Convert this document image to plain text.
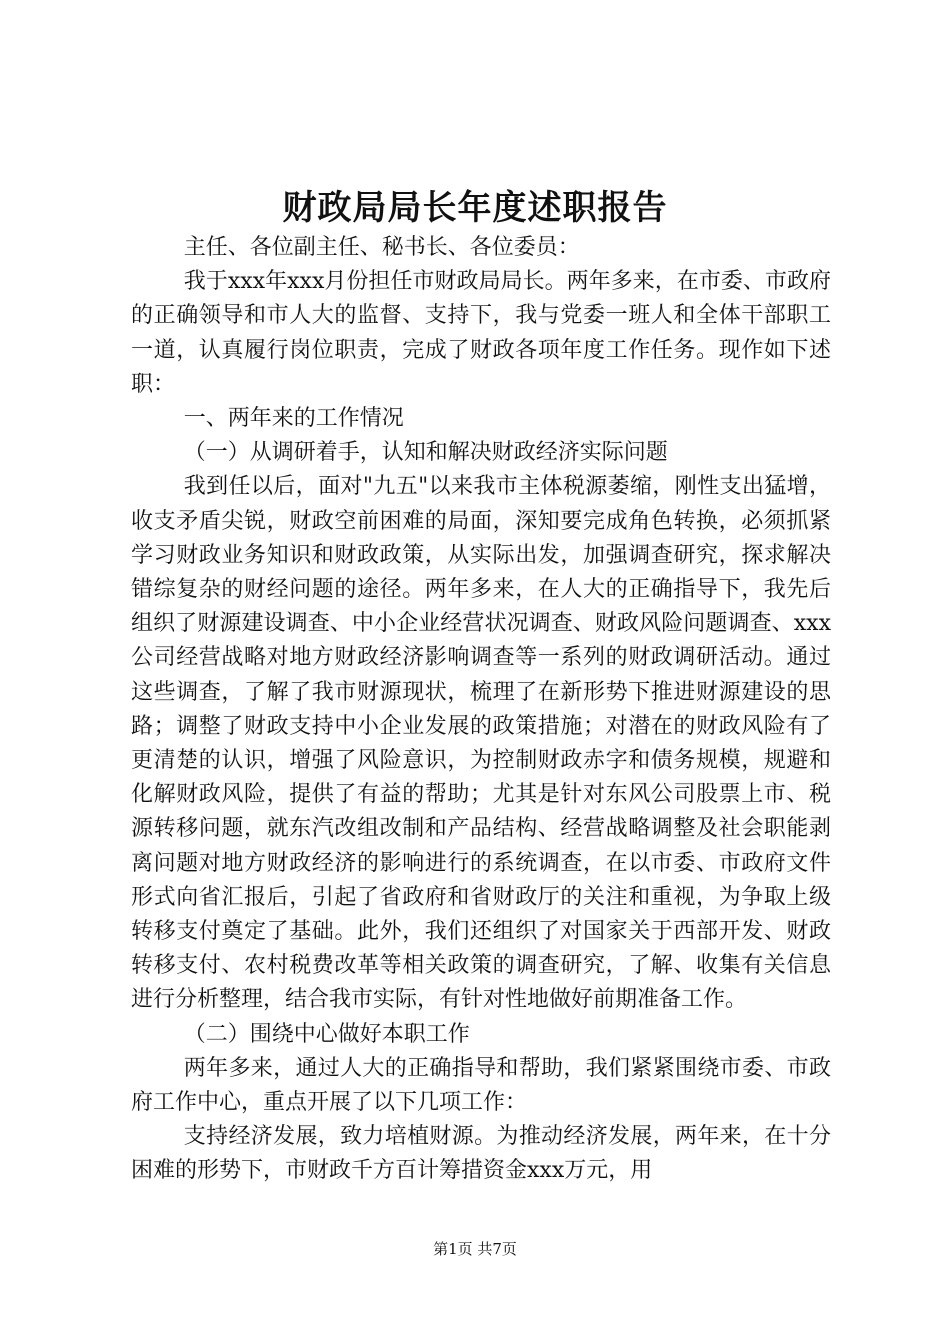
财政局局长年度述职报告

主任、各位副主任、秘书长、各位委员：

我于xxx年xxx月份担任市财政局局长。两年多来，在市委、市政府的正确领导和市人大的监督、支持下，我与党委一班人和全体干部职工一道，认真履行岗位职责，完成了财政各项年度工作任务。现作如下述职：

一、两年来的工作情况

（一）从调研着手，认知和解决财政经济实际问题

我到任以后，面对"九五"以来我市主体税源萎缩，刚性支出猛增，收支矛盾尖锐，财政空前困难的局面，深知要完成角色转换，必须抓紧学习财政业务知识和财政政策，从实际出发，加强调查研究，探求解决错综复杂的财经问题的途径。两年多来，在人大的正确指导下，我先后组织了财源建设调查、中小企业经营状况调查、财政风险问题调查、xxx公司经营战略对地方财政经济影响调查等一系列的财政调研活动。通过这些调查，了解了我市财源现状，梳理了在新形势下推进财源建设的思路；调整了财政支持中小企业发展的政策措施；对潜在的财政风险有了更清楚的认识，增强了风险意识，为控制财政赤字和债务规模，规避和化解财政风险，提供了有益的帮助；尤其是针对东风公司股票上市、税源转移问题，就东汽改组改制和产品结构、经营战略调整及社会职能剥离问题对地方财政经济的影响进行的系统调查，在以市委、市政府文件形式向省汇报后，引起了省政府和省财政厅的关注和重视，为争取上级转移支付奠定了基础。此外，我们还组织了对国家关于西部开发、财政转移支付、农村税费改革等相关政策的调查研究，了解、收集有关信息进行分析整理，结合我市实际，有针对性地做好前期准备工作。

（二）围绕中心做好本职工作

两年多来，通过人大的正确指导和帮助，我们紧紧围绕市委、市政府工作中心，重点开展了以下几项工作：

支持经济发展，致力培植财源。为推动经济发展，两年来，在十分困难的形势下，市财政千方百计筹措资金xxx万元，用

第1页 共7页
